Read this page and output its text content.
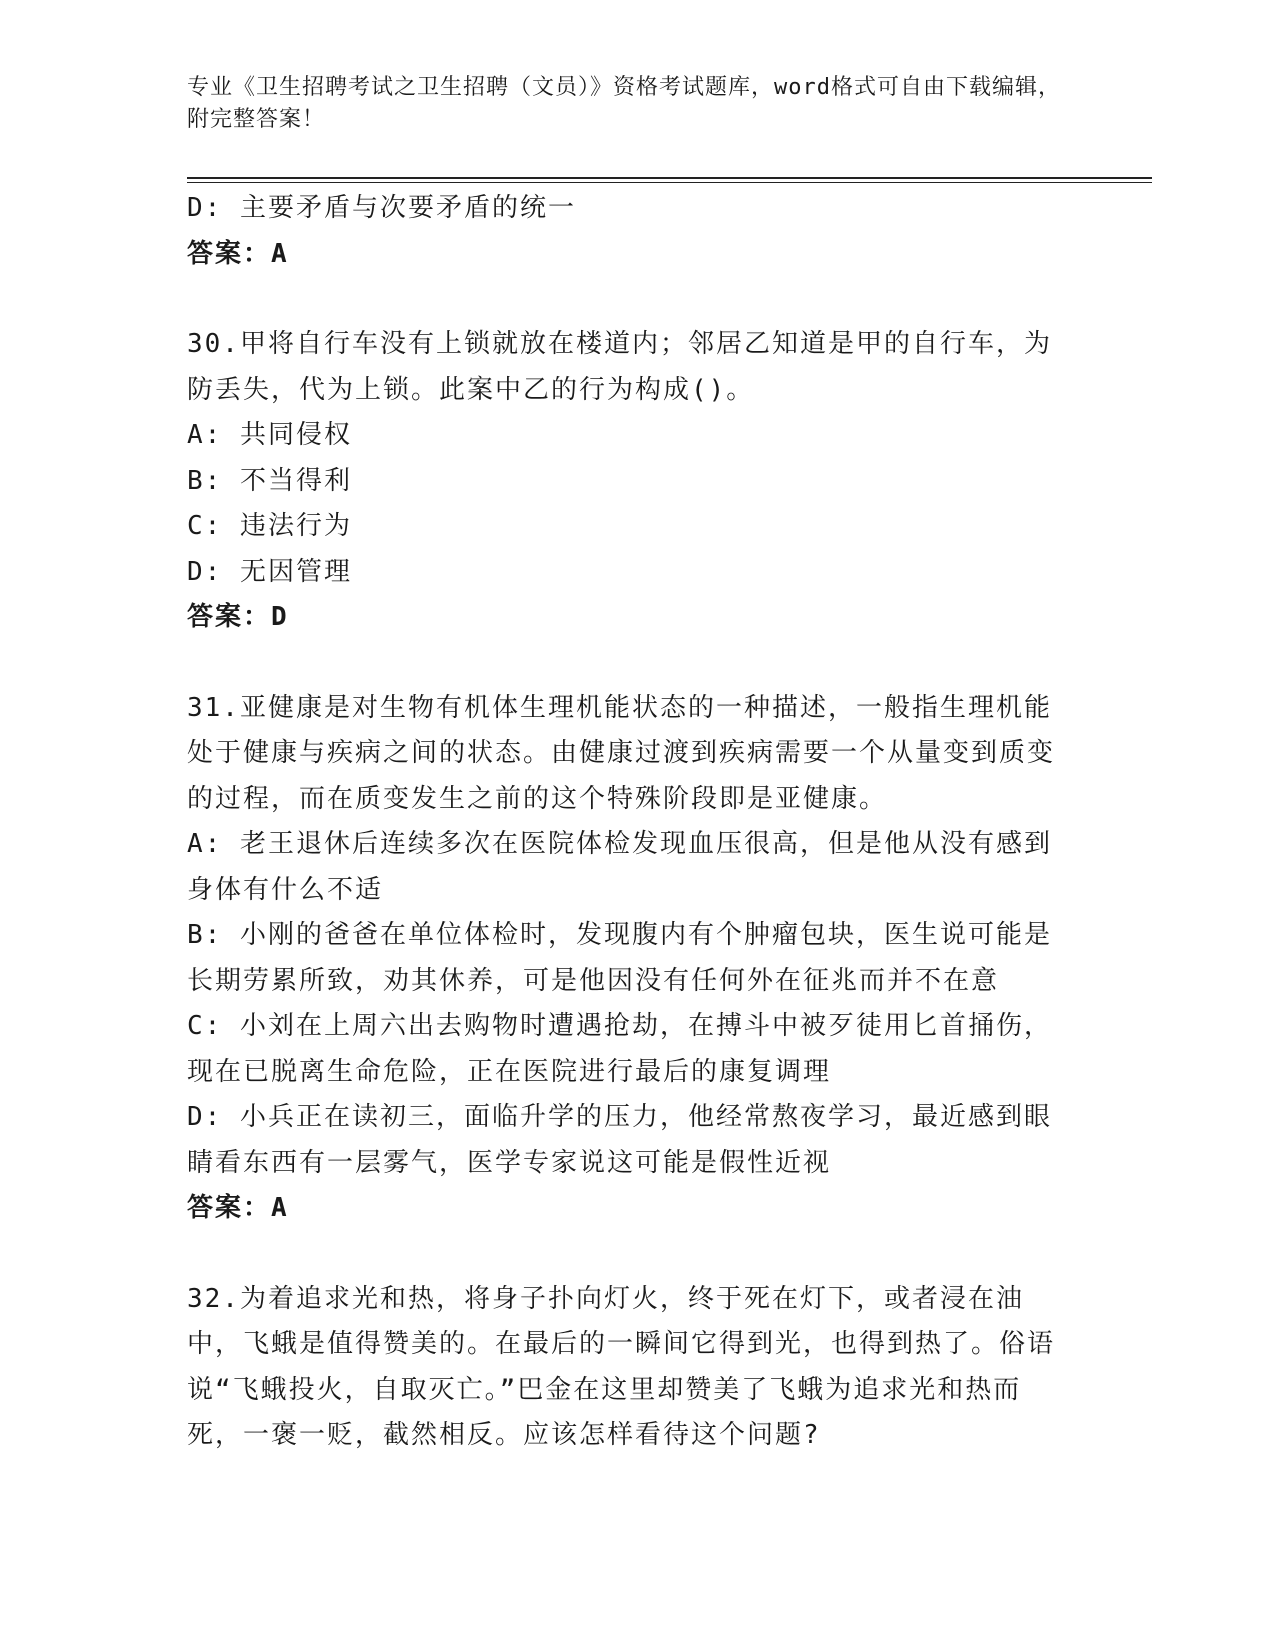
专业《卫生招聘考试之卫生招聘（文员）》资格考试题库，word格式可自由下载编辑，附完整答案！

D: 主要矛盾与次要矛盾的统一

答案：A

30.甲将自行车没有上锁就放在楼道内；邻居乙知道是甲的自行车，为防丢失，代为上锁。此案中乙的行为构成()。

A: 共同侵权

B: 不当得利

C: 违法行为

D: 无因管理

答案：D

31.亚健康是对生物有机体生理机能状态的一种描述，一般指生理机能处于健康与疾病之间的状态。由健康过渡到疾病需要一个从量变到质变的过程，而在质变发生之前的这个特殊阶段即是亚健康。

A: 老王退休后连续多次在医院体检发现血压很高，但是他从没有感到身体有什么不适

B: 小刚的爸爸在单位体检时，发现腹内有个肿瘤包块，医生说可能是长期劳累所致，劝其休养，可是他因没有任何外在征兆而并不在意

C: 小刘在上周六出去购物时遭遇抢劫，在搏斗中被歹徒用匕首捅伤，现在已脱离生命危险，正在医院进行最后的康复调理

D: 小兵正在读初三，面临升学的压力，他经常熬夜学习，最近感到眼睛看东西有一层雾气，医学专家说这可能是假性近视

答案：A

32.为着追求光和热，将身子扑向灯火，终于死在灯下，或者浸在油中，飞蛾是值得赞美的。在最后的一瞬间它得到光，也得到热了。俗语说“飞蛾投火，自取灭亡。”巴金在这里却赞美了飞蛾为追求光和热而死，一褒一贬，截然相反。应该怎样看待这个问题?
